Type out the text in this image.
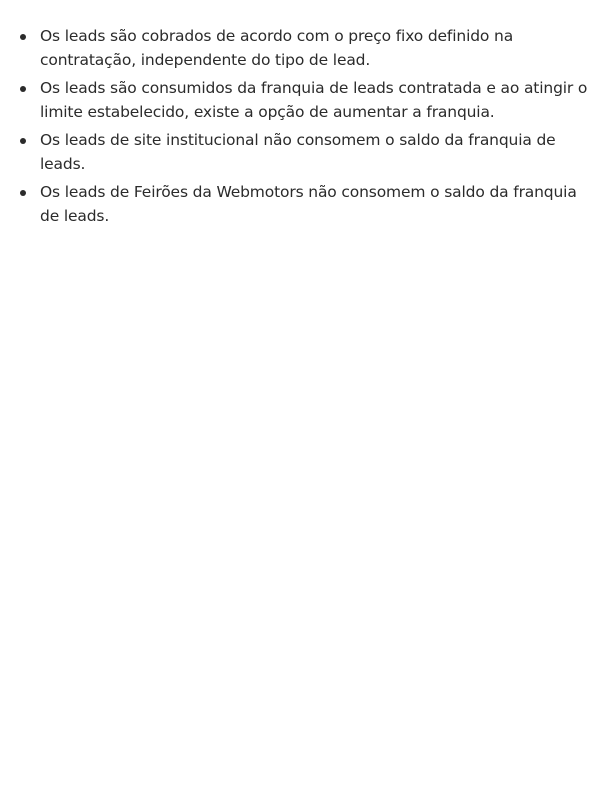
Os leads são cobrados de acordo com o preço fixo definido na contratação, independente do tipo de lead.
Os leads são consumidos da franquia de leads contratada e ao atingir o limite estabelecido, existe a opção de aumentar a franquia.
Os leads de site institucional não consomem o saldo da franquia de leads.
Os leads de Feirões da Webmotors não consomem o saldo da franquia de leads.
